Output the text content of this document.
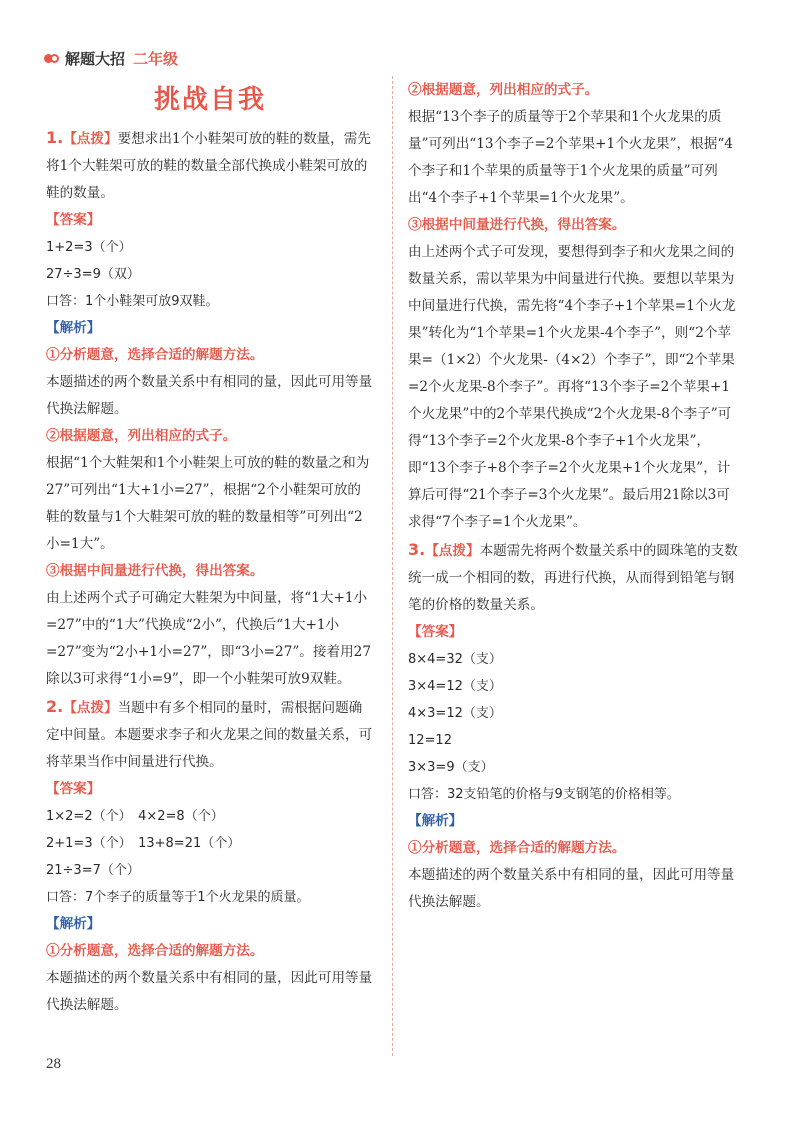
解题大招 二年级
挑战自我

1.【点拨】要想求出1个小鞋架可放的鞋的数量，需先将1个大鞋架可放的鞋的数量全部代换成小鞋架可放的鞋的数量。

【答案】

1+2=3（个）

27÷3=9（双）

口答：1个小鞋架可放9双鞋。

【解析】

①分析题意，选择合适的解题方法。

本题描述的两个数量关系中有相同的量，因此可用等量代换法解题。

②根据题意，列出相应的式子。

根据“1个大鞋架和1个小鞋架上可放的鞋的数量之和为27”可列出“1大+1小=27”，根据“2个小鞋架可放的鞋的数量与1个大鞋架可放的鞋的数量相等”可列出“2小=1大”。

③根据中间量进行代换，得出答案。

由上述两个式子可确定大鞋架为中间量，将“1大+1小=27”中的“1大”代换成“2小”，代换后“1大+1小=27”变为“2小+1小=27”，即“3小=27”。接着用27除以3可求得“1小=9”，即一个小鞋架可放9双鞋。

2.【点拨】当题中有多个相同的量时，需根据问题确定中间量。本题要求李子和火龙果之间的数量关系，可将苹果当作中间量进行代换。

【答案】

1×2=2（个）　4×2=8（个）

2+1=3（个）　13+8=21（个）

21÷3=7（个）

口答：7个李子的质量等于1个火龙果的质量。

【解析】

①分析题意，选择合适的解题方法。

本题描述的两个数量关系中有相同的量，因此可用等量代换法解题。

②根据题意，列出相应的式子。

根据“13个李子的质量等于2个苹果和1个火龙果的质量”可列出“13个李子=2个苹果+1个火龙果”，根据“4个李子和1个苹果的质量等于1个火龙果的质量”可列出“4个李子+1个苹果=1个火龙果”。

③根据中间量进行代换，得出答案。

由上述两个式子可发现，要想得到李子和火龙果之间的数量关系，需以苹果为中间量进行代换。要想以苹果为中间量进行代换，需先将“4个李子+1个苹果=1个火龙果”转化为“1个苹果=1个火龙果-4个李子”，则“2个苹果=（1×2）个火龙果-（4×2）个李子”，即“2个苹果=2个火龙果-8个李子”。再将“13个李子=2个苹果+1个火龙果”中的2个苹果代换成“2个火龙果-8个李子”可得“13个李子=2个火龙果-8个李子+1个火龙果”，即“13个李子+8个李子=2个火龙果+1个火龙果”，计算后可得“21个李子=3个火龙果”。最后用21除以3可求得“7个李子=1个火龙果”。

3.【点拨】本题需先将两个数量关系中的圆珠笔的支数统一成一个相同的数，再进行代换，从而得到铅笔与钢笔的价格的数量关系。

【答案】

8×4=32（支）

3×4=12（支）

4×3=12（支）

12=12

3×3=9（支）

口答：32支铅笔的价格与9支钢笔的价格相等。

【解析】

①分析题意，选择合适的解题方法。

本题描述的两个数量关系中有相同的量，因此可用等量代换法解题。

28
